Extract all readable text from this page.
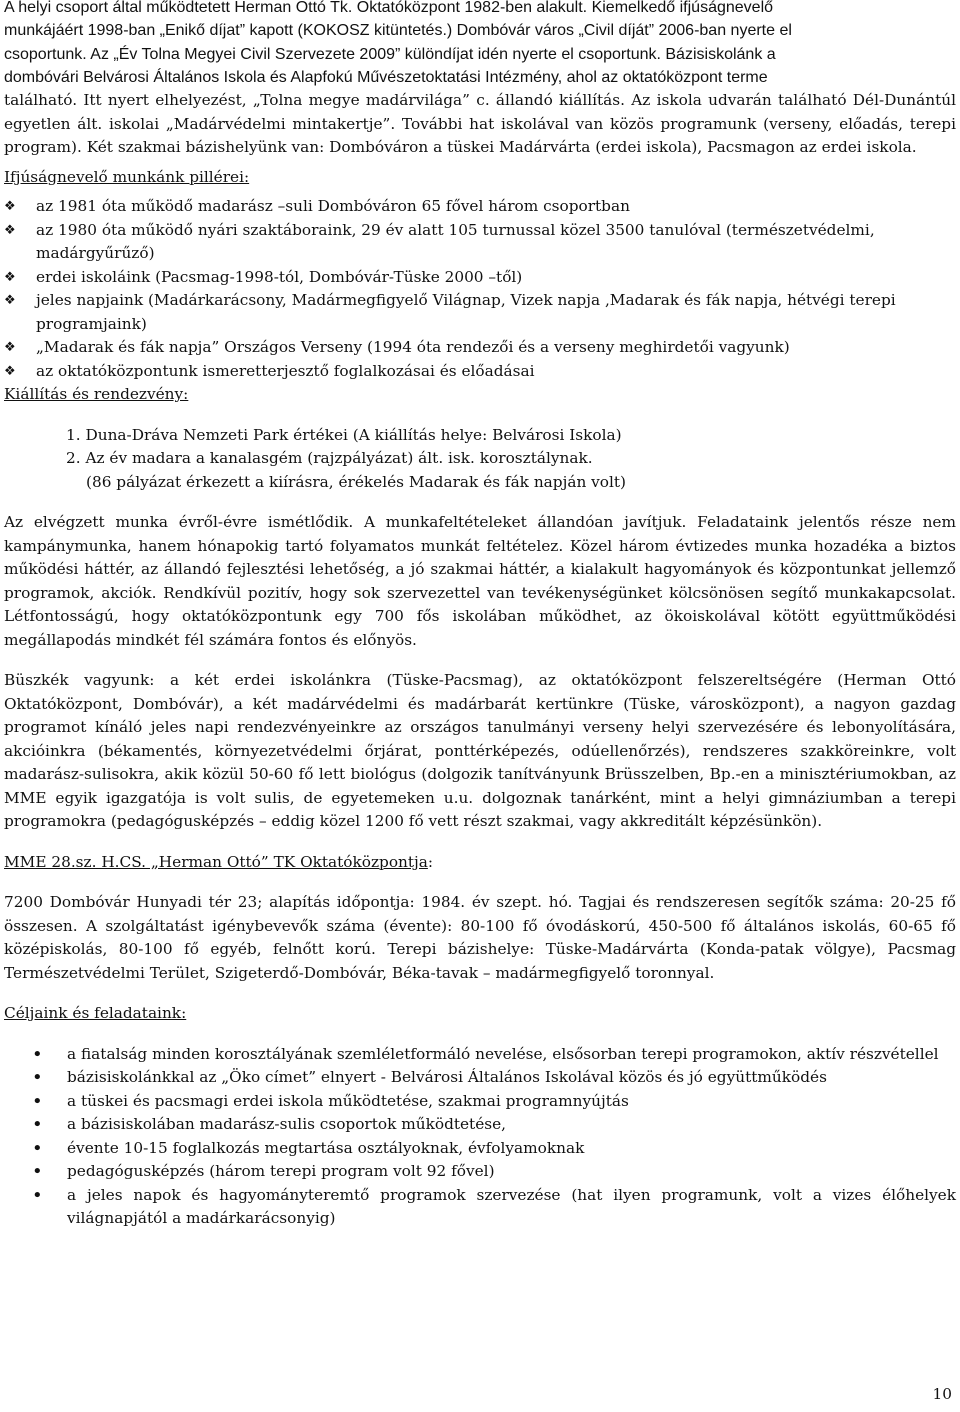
A helyi csoport által működtetett Herman Ottó Tk. Oktatóközpont 1982-ben alakult. Kiemelkedő ifjúságnevelő

munkájáért 1998-ban „Enikő díjat” kapott (KOKOSZ kitüntetés.) Dombóvár város „Civil díját” 2006-ban nyerte el

csoportunk. Az „Év Tolna Megyei Civil Szervezete 2009” különdíjat idén nyerte el csoportunk. Bázisiskolánk a

dombóvári Belvárosi Általános Iskola és Alapfokú Művészetoktatási Intézmény, ahol az oktatóközpont terme

található. Itt nyert elhelyezést, „Tolna megye madárvilága” c. állandó kiállítás. Az iskola udvarán található Dél-Dunántúl egyetlen ált. iskolai „Madárvédelmi mintakertje”. További hat iskolával van közös programunk (verseny, előadás, terepi program). Két szakmai bázishelyünk van: Dombóváron a tüskei Madárvárta (erdei iskola), Pacsmagon az erdei iskola.

Ifjúságnevelő munkánk pillérei:

❖ az 1981 óta működő madarász –suli Dombóváron 65 fővel három csoportban
❖ az 1980 óta működő nyári szaktáboraink, 29 év alatt 105 turnussal közel 3500 tanulóval (természetvédelmi, madárgyűrűző)
❖ erdei iskoláink (Pacsmag-1998-tól, Dombóvár-Tüske 2000 –től)
❖ jeles napjaink (Madárkarácsony, Madármegfigyelő Világnap, Vizek napja ,Madarak és fák napja, hétvégi terepi programjaink)
❖ „Madarak és fák napja” Országos Verseny (1994 óta rendezői és a verseny meghirdetői vagyunk)
❖ az oktatóközpontunk ismeretterjesztő foglalkozásai és előadásai

Kiállítás és rendezvény:

1. Duna-Dráva Nemzeti Park értékei (A kiállítás helye: Belvárosi Iskola)
2. Az év madara a kanalasgém (rajzpályázat) ált. isk. korosztálynak.
(86 pályázat érkezett a kiírásra, érékelés Madarak és fák napján volt)

Az elvégzett munka évről-évre ismétlődik. A munkafeltételeket állandóan javítjuk. Feladataink jelentős része nem kampánymunka, hanem hónapokig tartó folyamatos munkát feltételez. Közel három évtizedes munka hozadéka a biztos működési háttér, az állandó fejlesztési lehetőség, a jó szakmai háttér, a kialakult hagyományok és központunkat jellemző programok, akciók. Rendkívül pozitív, hogy sok szervezettel van tevékenységünket kölcsönösen segítő munkakapcsolat. Létfontosságú, hogy oktatóközpontunk egy 700 fős iskolában működhet, az ökoiskolával kötött együttműködési megállapodás mindkét fél számára fontos és előnyös.

Büszkék vagyunk: a két erdei iskolánkra (Tüske-Pacsmag), az oktatóközpont felszereltségére (Herman Ottó Oktatóközpont, Dombóvár), a két madárvédelmi és madárbarát kertünkre (Tüske, városközpont), a nagyon gazdag programot kínáló jeles napi rendezvényeinkre az országos tanulmányi verseny helyi szervezésére és lebonyolítására, akcióinkra (békamentés, környezetvédelmi őrjárat, ponttérképezés, odúellenőrzés), rendszeres szakköreinkre, volt madarász-sulisokra, akik közül 50-60 fő lett biológus (dolgozik tanítványunk Brüsszelben, Bp.-en a minisztériumokban, az MME egyik igazgatója is volt sulis, de egyetemeken u.u. dolgoznak tanárként, mint a helyi gimnáziumban a terepi programokra (pedagógusképzés – eddig közel 1200 fő vett részt szakmai, vagy akkreditált képzésünkön).

MME 28.sz. H.CS. „Herman Ottó” TK Oktatóközpontja:

7200 Dombóvár Hunyadi tér 23; alapítás időpontja: 1984. év szept. hó. Tagjai és rendszeresen segítők száma: 20-25 fő összesen. A szolgáltatást igénybevevők száma (évente): 80-100 fő óvodáskorú, 450-500 fő általános iskolás, 60-65 fő középiskolás, 80-100 fő egyéb, felnőtt korú. Terepi bázishelye: Tüske-Madárvárta (Konda-patak völgye), Pacsmag Természetvédelmi Terület, Szigeterdő-Dombóvár, Béka-tavak – madármegfigyelő toronnyal.

Céljaink és feladataink:

• a fiatalság minden korosztályának szemléletformáló nevelése, elsősorban terepi programokon, aktív részvétellel
• bázisiskolánkkal az „Öko címet” elnyert - Belvárosi Általános Iskolával közös és jó együttműködés
• a tüskei és pacsmagi erdei iskola működtetése, szakmai programnyújtás
• a bázisiskolában madarász-sulis csoportok működtetése,
• évente 10-15 foglalkozás megtartása osztályoknak, évfolyamoknak
• pedagógusképzés (három terepi program volt 92 fővel)
• a jeles napok és hagyományteremtő programok szervezése (hat ilyen programunk, volt a vizes élőhelyek világnapjától a madárkarácsonyig)
10
